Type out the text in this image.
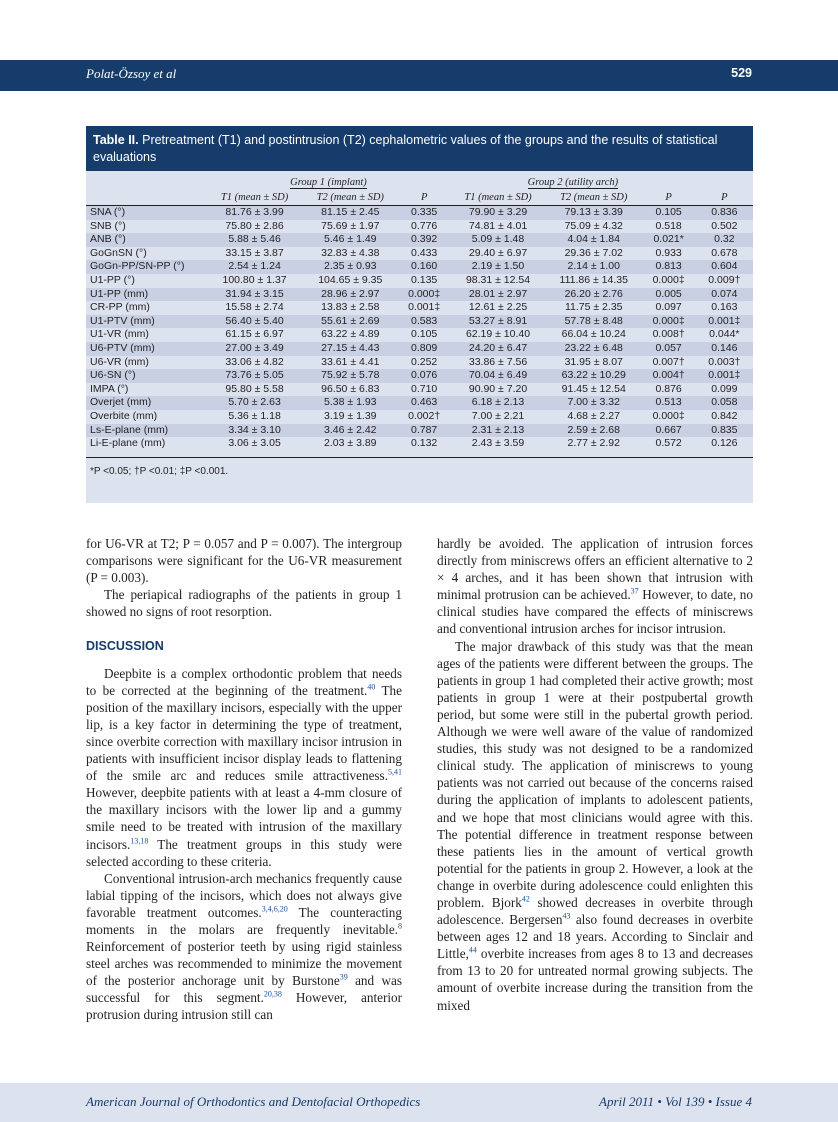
Polat-Özsoy et al	529
Table II. Pretreatment (T1) and postintrusion (T2) cephalometric values of the groups and the results of statistical evaluations
	Group 1 (implant)			Group 2 (utility arch)			
	T1 (mean ± SD)	T2 (mean ± SD)	P	T1 (mean ± SD)	T2 (mean ± SD)	P	P
SNA (°)	81.76 ± 3.99	81.15 ± 2.45	0.335	79.90 ± 3.29	79.13 ± 3.39	0.105	0.836
SNB (°)	75.80 ± 2.86	75.69 ± 1.97	0.776	74.81 ± 4.01	75.09 ± 4.32	0.518	0.502
ANB (°)	5.88 ± 5.46	5.46 ± 1.49	0.392	5.09 ± 1.48	4.04 ± 1.84	0.021*	0.32
GoGnSN (°)	33.15 ± 3.87	32.83 ± 4.38	0.433	29.40 ± 6.97	29.36 ± 7.02	0.933	0.678
GoGn-PP/SN-PP (°)	2.54 ± 1.24	2.35 ± 0.93	0.160	2.19 ± 1.50	2.14 ± 1.00	0.813	0.604
U1-PP (°)	100.80 ± 1.37	104.65 ± 9.35	0.135	98.31 ± 12.54	111.86 ± 14.35	0.000‡	0.009†
U1-PP (mm)	31.94 ± 3.15	28.96 ± 2.97	0.000‡	28.01 ± 2.97	26.20 ± 2.76	0.005	0.074
CR-PP (mm)	15.58 ± 2.74	13.83 ± 2.58	0.001‡	12.61 ± 2.25	11.75 ± 2.35	0.097	0.163
U1-PTV (mm)	56.40 ± 5.40	55.61 ± 2.69	0.583	53.27 ± 8.91	57.78 ± 8.48	0.000‡	0.001‡
U1-VR (mm)	61.15 ± 6.97	63.22 ± 4.89	0.105	62.19 ± 10.40	66.04 ± 10.24	0.008†	0.044*
U6-PTV (mm)	27.00 ± 3.49	27.15 ± 4.43	0.809	24.20 ± 6.47	23.22 ± 6.48	0.057	0.146
U6-VR (mm)	33.06 ± 4.82	33.61 ± 4.41	0.252	33.86 ± 7.56	31.95 ± 8.07	0.007†	0.003†
U6-SN (°)	73.76 ± 5.05	75.92 ± 5.78	0.076	70.04 ± 6.49	63.22 ± 10.29	0.004†	0.001‡
IMPA (°)	95.80 ± 5.58	96.50 ± 6.83	0.710	90.90 ± 7.20	91.45 ± 12.54	0.876	0.099
Overjet (mm)	5.70 ± 2.63	5.38 ± 1.93	0.463	6.18 ± 2.13	7.00 ± 3.32	0.513	0.058
Overbite (mm)	5.36 ± 1.18	3.19 ± 1.39	0.002†	7.00 ± 2.21	4.68 ± 2.27	0.000‡	0.842
Ls-E-plane (mm)	3.34 ± 3.10	3.46 ± 2.42	0.787	2.31 ± 2.13	2.59 ± 2.68	0.667	0.835
Li-E-plane (mm)	3.06 ± 3.05	2.03 ± 3.89	0.132	2.43 ± 3.59	2.77 ± 2.92	0.572	0.126
*P <0.05; †P <0.01; ‡P <0.001.

for U6-VR at T2; P = 0.057 and P = 0.007). The intergroup comparisons were significant for the U6-VR measurement (P = 0.003).

The periapical radiographs of the patients in group 1 showed no signs of root resorption.

DISCUSSION

Deepbite is a complex orthodontic problem that needs to be corrected at the beginning of the treatment.$^{40}$ The position of the maxillary incisors, especially with the upper lip, is a key factor in determining the type of treatment, since overbite correction with maxillary incisor intrusion in patients with insufficient incisor display leads to flattening of the smile arc and reduces smile attractiveness.$^{5,41}$ However, deepbite patients with at least a 4-mm closure of the maxillary incisors with the lower lip and a gummy smile need to be treated with intrusion of the maxillary incisors.$^{13,18}$ The treatment groups in this study were selected according to these criteria.

Conventional intrusion-arch mechanics frequently cause labial tipping of the incisors, which does not always give favorable treatment outcomes.$^{3,4,6,20}$ The counteracting moments in the molars are frequently inevitable.$^8$ Reinforcement of posterior teeth by using rigid stainless steel arches was recommended to minimize the movement of the posterior anchorage unit by Burstone$^{39}$ and was successful for this segment.$^{20,38}$ However, anterior protrusion during intrusion still can

hardly be avoided. The application of intrusion forces directly from miniscrews offers an efficient alternative to 2 × 4 arches, and it has been shown that intrusion with minimal protrusion can be achieved.$^{37}$ However, to date, no clinical studies have compared the effects of miniscrews and conventional intrusion arches for incisor intrusion.

The major drawback of this study was that the mean ages of the patients were different between the groups. The patients in group 1 had completed their active growth; most patients in group 1 were at their postpubertal growth period, but some were still in the pubertal growth period. Although we were well aware of the value of randomized studies, this study was not designed to be a randomized clinical study. The application of miniscrews to young patients was not carried out because of the concerns raised during the application of implants to adolescent patients, and we hope that most clinicians would agree with this. The potential difference in treatment response between these patients lies in the amount of vertical growth potential for the patients in group 2. However, a look at the change in overbite during adolescence could enlighten this problem. Bjork$^{42}$ showed decreases in overbite through adolescence. Bergersen$^{43}$ also found decreases in overbite between ages 12 and 18 years. According to Sinclair and Little,$^{44}$ overbite increases from ages 8 to 13 and decreases from 13 to 20 for untreated normal growing subjects. The amount of overbite increase during the transition from the mixed

American Journal of Orthodontics and Dentofacial Orthopedics	April 2011 • Vol 139 • Issue 4
